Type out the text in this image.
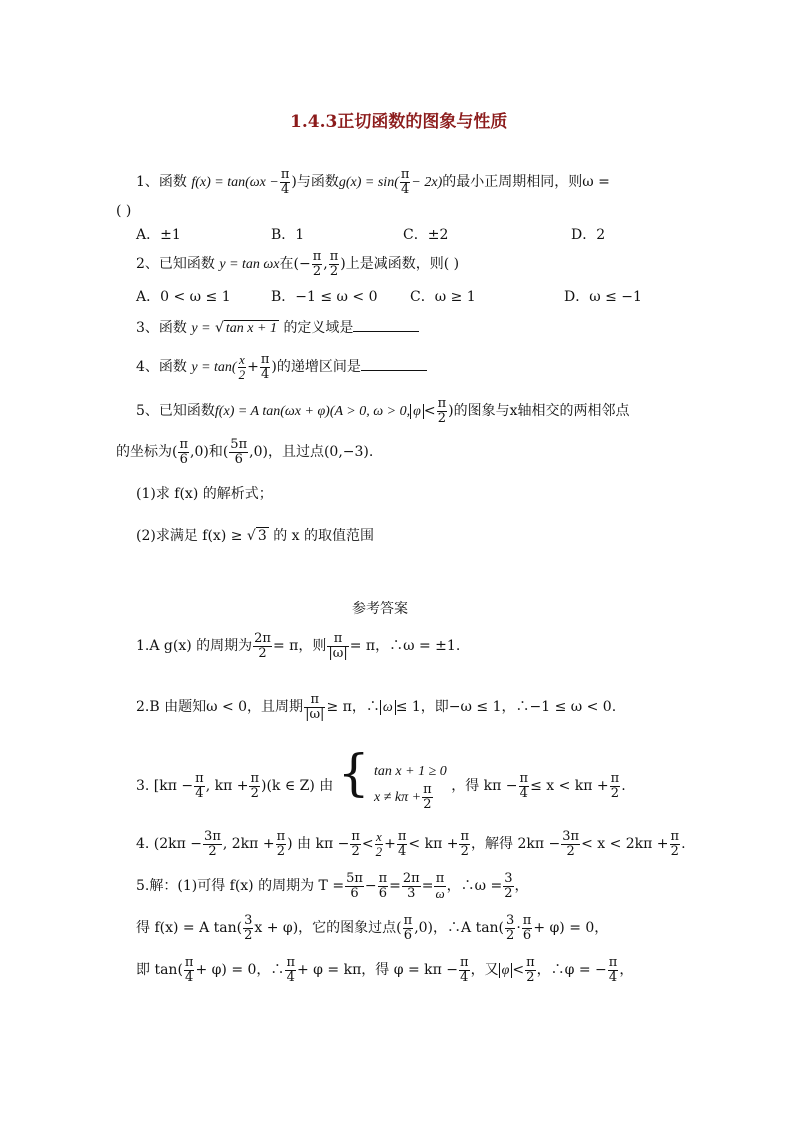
1.4.3正切函数的图象与性质
1、函数 $f(x) = \tan(\omega x - \frac{\pi}{4}$ )与函数$g(x) = \sin( \frac{\pi}{4} - 2x)$的最小正周期相同，则ω =
( )
A．±1	B．1	C．±2	D．2
2、已知函数 y = tan ωx在(− $\frac{\pi}{2}$ , $\frac{\pi}{2}$ )上是减函数，则( )
A．0 < ω ≤ 1	B．−1 ≤ ω < 0 C．ω ≥ 1	D．ω ≤ −1
3、函数 y = √ tan x + 1 的定义域是
4、函数 $y = \tan( \frac{x}{2} + \frac{\pi}{4}$ )的递增区间是
5、已知函数f(x) = A tan(ωx + φ)(A > 0, ω > 0, $\varphi < \frac{\pi}{2}$ )的图象与x轴相交的两相邻点
的坐标为( $\frac{\pi}{6} ,0$)和( $\frac{5\pi}{6} ,0$)，且过点(0,−3).
(1)求 f(x) 的解析式；
(2)求满足 f(x) ≥ √ 3 的 x 的取值范围
参考答案
1.A g(x) 的周期为 $\frac{2\pi}{2} = \pi$，则 $\frac{\pi}{|\omega|} = \pi$，∴ω = ±1.
2.B 由题知ω < 0，且周期 $\frac{\pi}{|\omega|} \ge \pi$，∴ ω ≤ 1，即−ω ≤ 1，∴−1 ≤ ω < 0.
3. [$k\pi - \frac{\pi}{4}$ , $k\pi + \frac{\pi}{2} )(k$ ∈ Z) 由 { tan x + 1 ≥ 0
$x \ne k\pi + \frac{\pi}{2}$ ，得 $k\pi - \frac{\pi}{4} \le x < k\pi + \frac{\pi}{2}$ .
4. ($2k\pi - \frac{3\pi}{2}$ , $2k\pi + \frac{\pi}{2}$ ) 由 $k\pi - \frac{\pi}{2} < \frac{x}{2} + \frac{\pi}{4} < k\pi + \frac{\pi}{2}$ ，解得 $2k\pi - \frac{3\pi}{2} < x < 2k\pi + \frac{\pi}{2}$ .
5.解：(1)可得 f(x) 的周期为 $T = \frac{5\pi}{6} - \frac{\pi}{6} = \frac{2\pi}{3} = \frac{\pi}{\omega}$ ，∴ω = $\frac{3}{2}$ ，
得 f(x) = A $\tan( \frac{3}{2}$ x + φ)，它的图象过点( $\frac{\pi}{6} ,0$)，∴A $\tan( \frac{3}{2} \cdot \frac{\pi}{6} + \varphi) = 0$，
即 $\tan( \frac{\pi}{4} + \varphi) = 0$，∴ $\frac{\pi}{4} + \varphi = k\pi$，得 $\varphi = k\pi - \frac{\pi}{4}$ ，又 $\varphi < \frac{\pi}{2}$ ，∴φ = − $\frac{\pi}{4}$ ，
